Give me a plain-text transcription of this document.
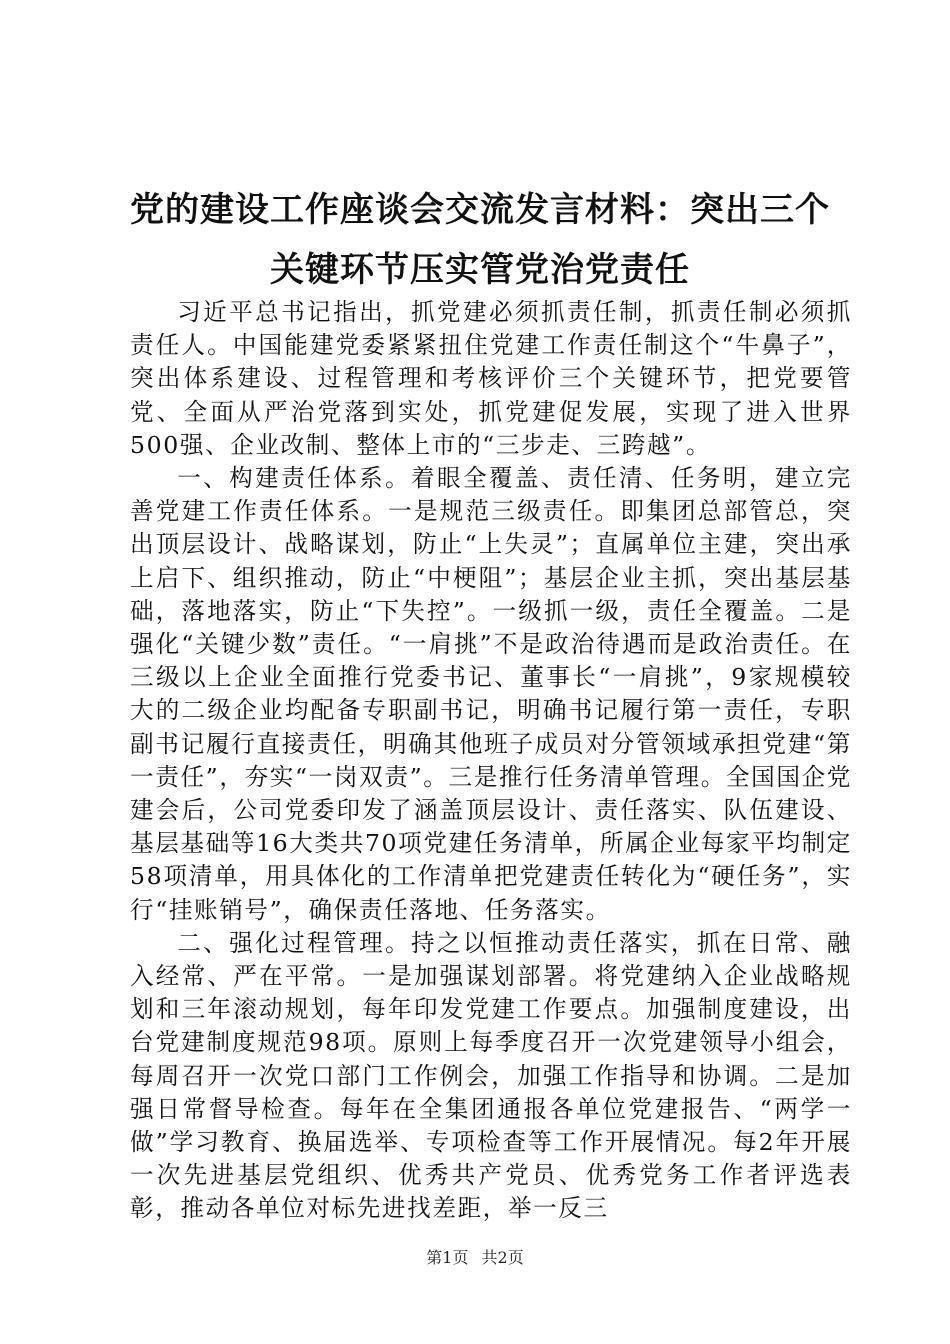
党的建设工作座谈会交流发言材料：突出三个
关键环节压实管党治党责任

习近平总书记指出，抓党建必须抓责任制，抓责任制必须抓责任人。中国能建党委紧紧扭住党建工作责任制这个“牛鼻子”，突出体系建设、过程管理和考核评价三个关键环节，把党要管党、全面从严治党落到实处，抓党建促发展，实现了进入世界500强、企业改制、整体上市的“三步走、三跨越”。

一、构建责任体系。着眼全覆盖、责任清、任务明，建立完善党建工作责任体系。一是规范三级责任。即集团总部管总，突出顶层设计、战略谋划，防止“上失灵”；直属单位主建，突出承上启下、组织推动，防止“中梗阻”；基层企业主抓，突出基层基础，落地落实，防止“下失控”。一级抓一级，责任全覆盖。二是强化“关键少数”责任。“一肩挑”不是政治待遇而是政治责任。在三级以上企业全面推行党委书记、董事长“一肩挑”，9家规模较大的二级企业均配备专职副书记，明确书记履行第一责任，专职副书记履行直接责任，明确其他班子成员对分管领域承担党建“第一责任”，夯实“一岗双责”。三是推行任务清单管理。全国国企党建会后，公司党委印发了涵盖顶层设计、责任落实、队伍建设、基层基础等16大类共70项党建任务清单，所属企业每家平均制定58项清单，用具体化的工作清单把党建责任转化为“硬任务”，实行“挂账销号”，确保责任落地、任务落实。

二、强化过程管理。持之以恒推动责任落实，抓在日常、融入经常、严在平常。一是加强谋划部署。将党建纳入企业战略规划和三年滚动规划，每年印发党建工作要点。加强制度建设，出台党建制度规范98项。原则上每季度召开一次党建领导小组会，每周召开一次党口部门工作例会，加强工作指导和协调。二是加强日常督导检查。每年在全集团通报各单位党建报告、“两学一做”学习教育、换届选举、专项检查等工作开展情况。每2年开展一次先进基层党组织、优秀共产党员、优秀党务工作者评选表彰，推动各单位对标先进找差距，举一反三

第1页 共2页
